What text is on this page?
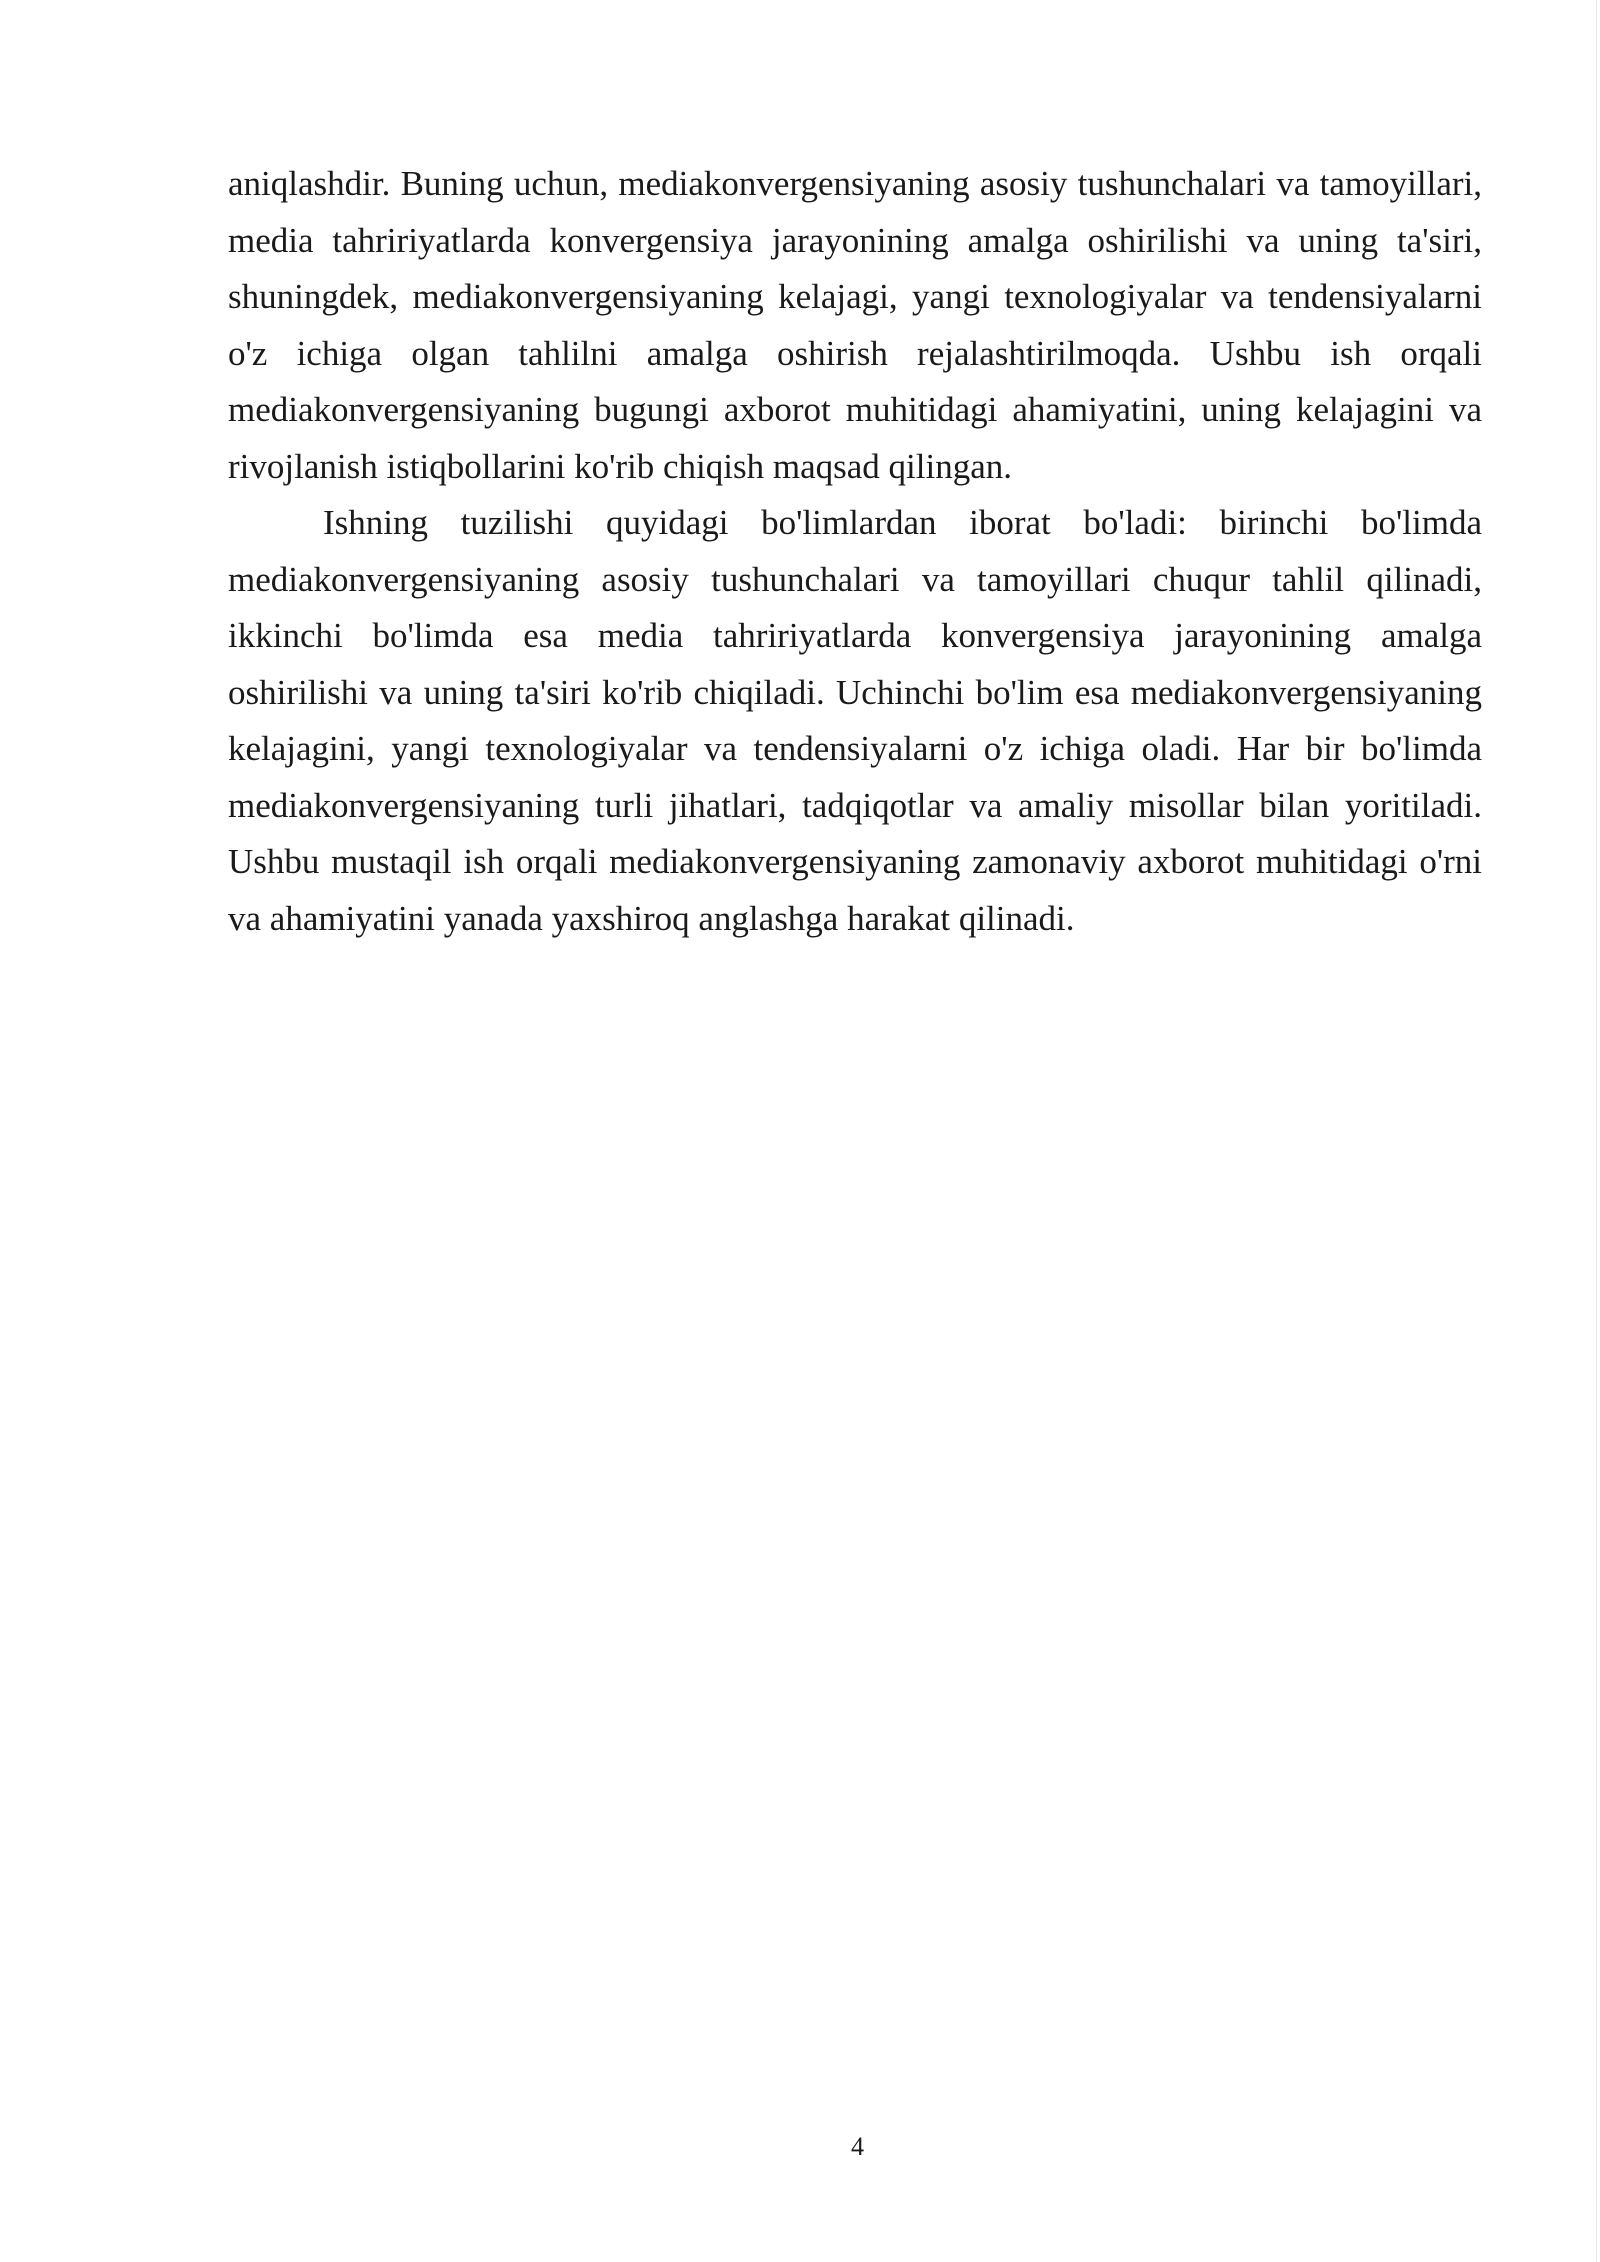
aniqlashdir. Buning uchun, mediakonvergensiyaning asosiy tushunchalari va tamoyillari, media tahririyatlarda konvergensiya jarayonining amalga oshirilishi va uning ta'siri, shuningdek, mediakonvergensiyaning kelajagi, yangi texnologiyalar va tendensiyalarni o'z ichiga olgan tahlilni amalga oshirish rejalashtirilmoqda. Ushbu ish orqali mediakonvergensiyaning bugungi axborot muhitidagi ahamiyatini, uning kelajagini va rivojlanish istiqbollarini ko'rib chiqish maqsad qilingan.

Ishning tuzilishi quyidagi bo'limlardan iborat bo'ladi: birinchi bo'limda mediakonvergensiyaning asosiy tushunchalari va tamoyillari chuqur tahlil qilinadi, ikkinchi bo'limda esa media tahririyatlarda konvergensiya jarayonining amalga oshirilishi va uning ta'siri ko'rib chiqiladi. Uchinchi bo'lim esa mediakonvergensiyaning kelajagini, yangi texnologiyalar va tendensiyalarni o'z ichiga oladi. Har bir bo'limda mediakonvergensiyaning turli jihatlari, tadqiqotlar va amaliy misollar bilan yoritiladi. Ushbu mustaqil ish orqali mediakonvergensiyaning zamonaviy axborot muhitidagi o'rni va ahamiyatini yanada yaxshiroq anglashga harakat qilinadi.

4
